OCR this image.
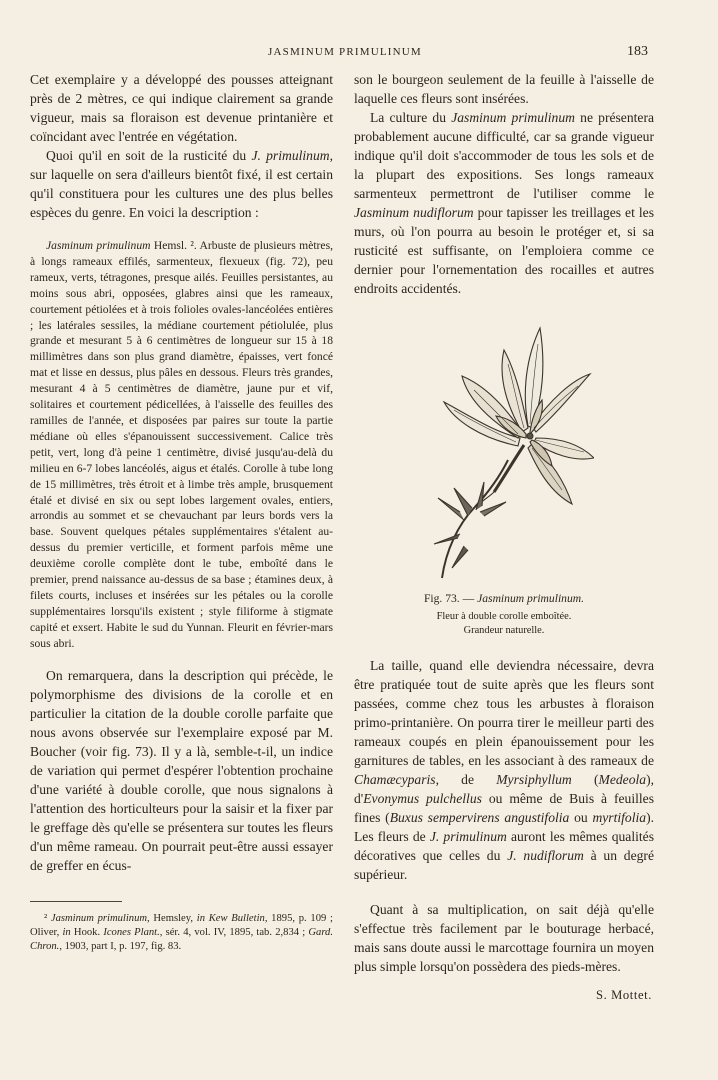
JASMINUM PRIMULINUM	183

Cet exemplaire y a développé des pousses atteignant près de 2 mètres, ce qui indique clairement sa grande vigueur, mais sa floraison est devenue printanière et coïncidant avec l'entrée en végétation.

Quoi qu'il en soit de la rusticité du J. primulinum, sur laquelle on sera d'ailleurs bientôt fixé, il est certain qu'il constituera pour les cultures une des plus belles espèces du genre. En voici la description :

Jasminum primulinum Hemsl. ². Arbuste de plusieurs mètres, à longs rameaux effilés, sarmenteux, flexueux (fig. 72), peu rameux, verts, tétragones, presque ailés. Feuilles persistantes, au moins sous abri, opposées, glabres ainsi que les rameaux, courtement pétiolées et à trois folioles ovales-lancéolées entières ; les latérales sessiles, la médiane courtement pétiolulée, plus grande et mesurant 5 à 6 centimètres de longueur sur 15 à 18 millimètres dans son plus grand diamètre, épaisses, vert foncé mat et lisse en dessus, plus pâles en dessous. Fleurs très grandes, mesurant 4 à 5 centimètres de diamètre, jaune pur et vif, solitaires et courtement pédicellées, à l'aisselle des feuilles des ramilles de l'année, et disposées par paires sur toute la partie médiane où elles s'épanouissent successivement. Calice très petit, vert, long d'à peine 1 centimètre, divisé jusqu'au-delà du milieu en 6-7 lobes lancéolés, aigus et étalés. Corolle à tube long de 15 millimètres, très étroit et à limbe très ample, brusquement étalé et divisé en six ou sept lobes largement ovales, entiers, arrondis au sommet et se chevauchant par leurs bords vers la base. Souvent quelques pétales supplémentaires s'étalent au-dessus du premier verticille, et forment parfois même une deuxième corolle complète dont le tube, emboîté dans le premier, prend naissance au-dessus de sa base ; étamines deux, à filets courts, incluses et insérées sur les pétales ou la corolle supplémentaires lorsqu'ils existent ; style filiforme à stigmate capité et exsert. Habite le sud du Yunnan. Fleurit en février-mars sous abri.

On remarquera, dans la description qui précède, le polymorphisme des divisions de la corolle et en particulier la citation de la double corolle parfaite que nous avons observée sur l'exemplaire exposé par M. Boucher (voir fig. 73). Il y a là, semble-t-il, un indice de variation qui permet d'espérer l'obtention prochaine d'une variété à double corolle, que nous signalons à l'attention des horticulteurs pour la saisir et la fixer par le greffage dès qu'elle se présentera sur toutes les fleurs d'un même rameau. On pourrait peut-être aussi essayer de greffer en écus-

² Jasminum primulinum, Hemsley, in Kew Bulletin, 1895, p. 109 ; Oliver, in Hook. Icones Plant., sér. 4, vol. IV, 1895, tab. 2,834 ; Gard. Chron., 1903, part I, p. 197, fig. 83.

son le bourgeon seulement de la feuille à l'aisselle de laquelle ces fleurs sont insérées.

La culture du Jasminum primulinum ne présentera probablement aucune difficulté, car sa grande vigueur indique qu'il doit s'accommoder de tous les sols et de la plupart des expositions. Ses longs rameaux sarmenteux permettront de l'utiliser comme le Jasminum nudiflorum pour tapisser les treillages et les murs, où l'on pourra au besoin le protéger et, si sa rusticité est suffisante, on l'emploiera comme ce dernier pour l'ornementation des rocailles et autres endroits accidentés.

Fig. 73. — Jasminum primulinum.
Fleur à double corolle emboîtée.
Grandeur naturelle.

La taille, quand elle deviendra nécessaire, devra être pratiquée tout de suite après que les fleurs sont passées, comme chez tous les arbustes à floraison primo-printanière. On pourra tirer le meilleur parti des rameaux coupés en plein épanouissement pour les garnitures de tables, en les associant à des rameaux de Chamæcyparis, de Myrsiphyllum (Medeola), d'Evonymus pulchellus ou même de Buis à feuilles fines (Buxus sempervirens angustifolia ou myrtifolia). Les fleurs de J. primulinum auront les mêmes qualités décoratives que celles du J. nudiflorum à un degré supérieur.

Quant à sa multiplication, on sait déjà qu'elle s'effectue très facilement par le bouturage herbacé, mais sans doute aussi le marcottage fournira un moyen plus simple lorsqu'on possèdera des pieds-mères.

S. Mottet.
